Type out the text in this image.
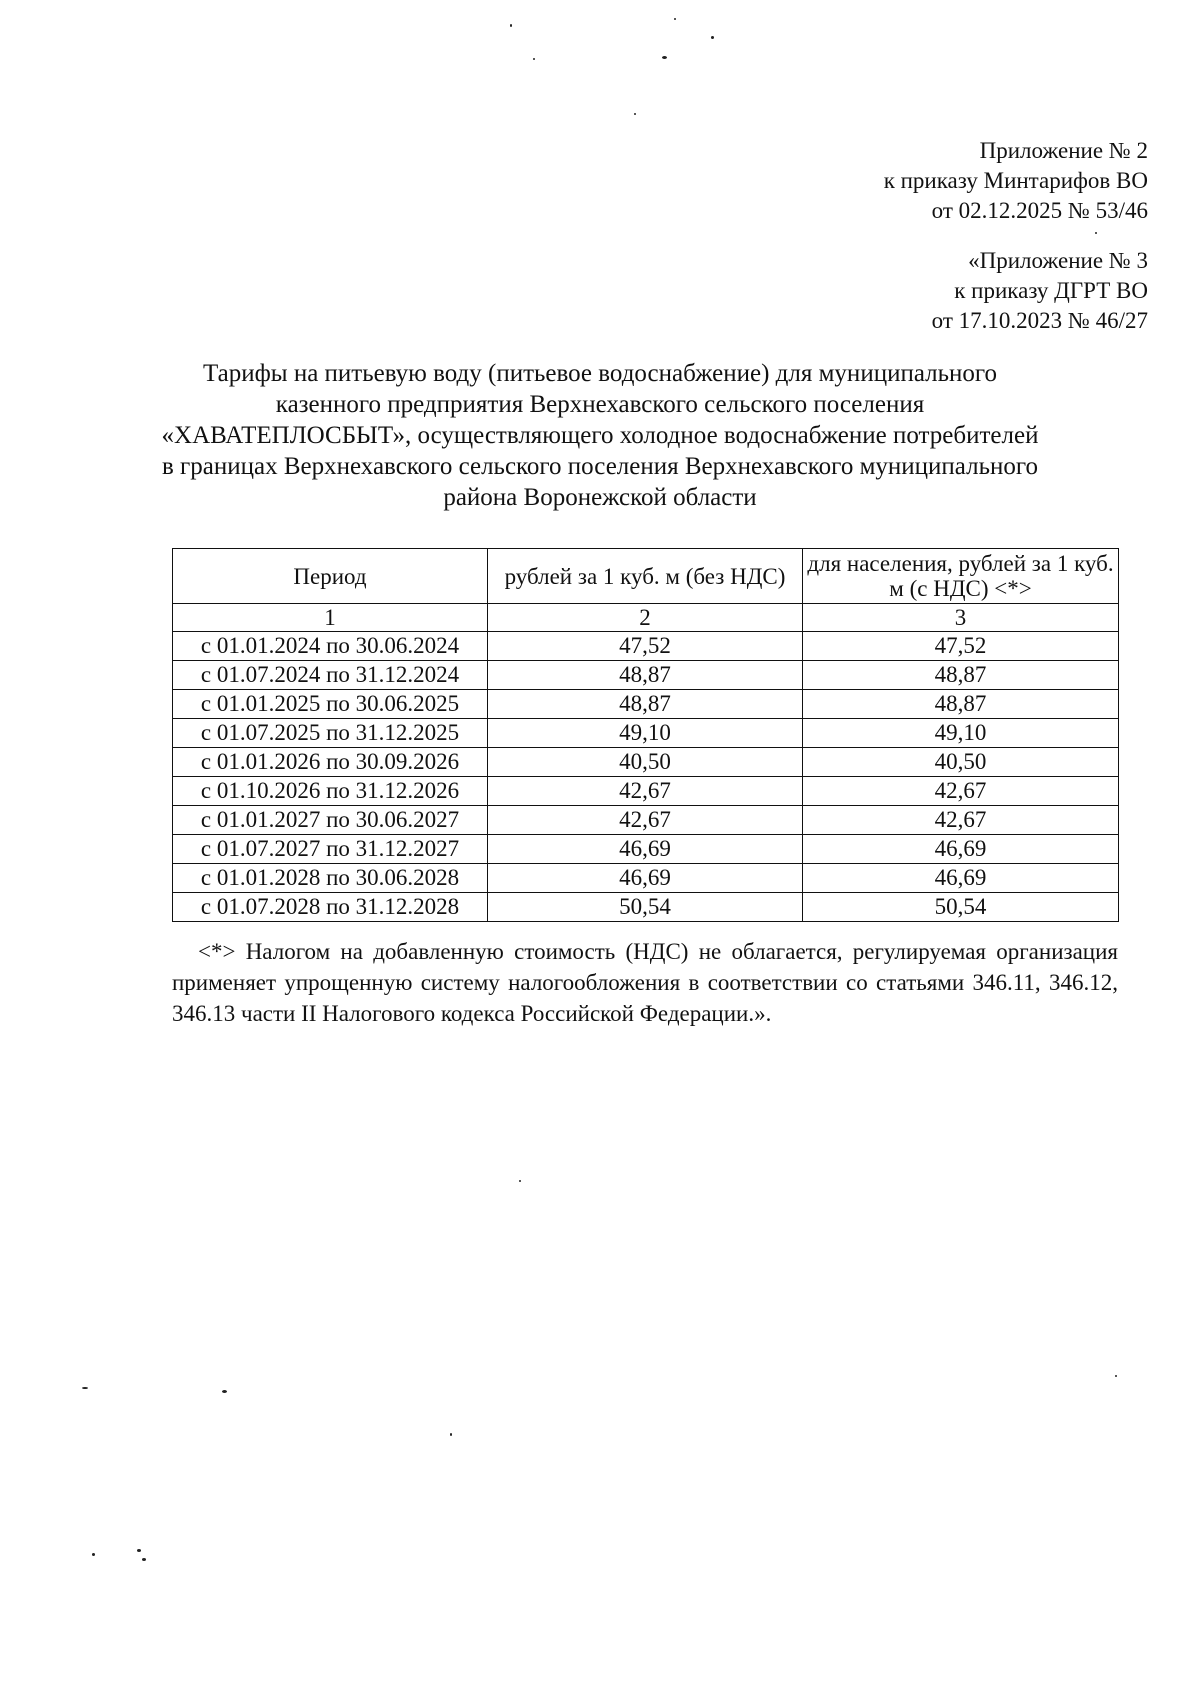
Приложение № 2
к приказу Минтарифов ВО
от 02.12.2025 № 53/46
«Приложение № 3
к приказу ДГРТ ВО
от 17.10.2023 № 46/27
Тарифы на питьевую воду (питьевое водоснабжение) для муниципального
казенного предприятия Верхнехавского сельского поселения
«ХАВАТЕПЛОСБЫТ», осуществляющего холодное водоснабжение потребителей
в границах Верхнехавского сельского поселения Верхнехавского муниципального
района Воронежской области
Период	рублей за 1 куб. м (без НДС)	для населения, рублей за 1 куб. м (с НДС) <*>
1	2	3
с 01.01.2024 по 30.06.2024	47,52	47,52
с 01.07.2024 по 31.12.2024	48,87	48,87
с 01.01.2025 по 30.06.2025	48,87	48,87
с 01.07.2025 по 31.12.2025	49,10	49,10
с 01.01.2026 по 30.09.2026	40,50	40,50
с 01.10.2026 по 31.12.2026	42,67	42,67
с 01.01.2027 по 30.06.2027	42,67	42,67
с 01.07.2027 по 31.12.2027	46,69	46,69
с 01.01.2028 по 30.06.2028	46,69	46,69
с 01.07.2028 по 31.12.2028	50,54	50,54
<*> Налогом на добавленную стоимость (НДС) не облагается, регулируемая организация применяет упрощенную систему налогообложения в соответствии со статьями 346.11, 346.12, 346.13 части II Налогового кодекса Российской Федерации.».
